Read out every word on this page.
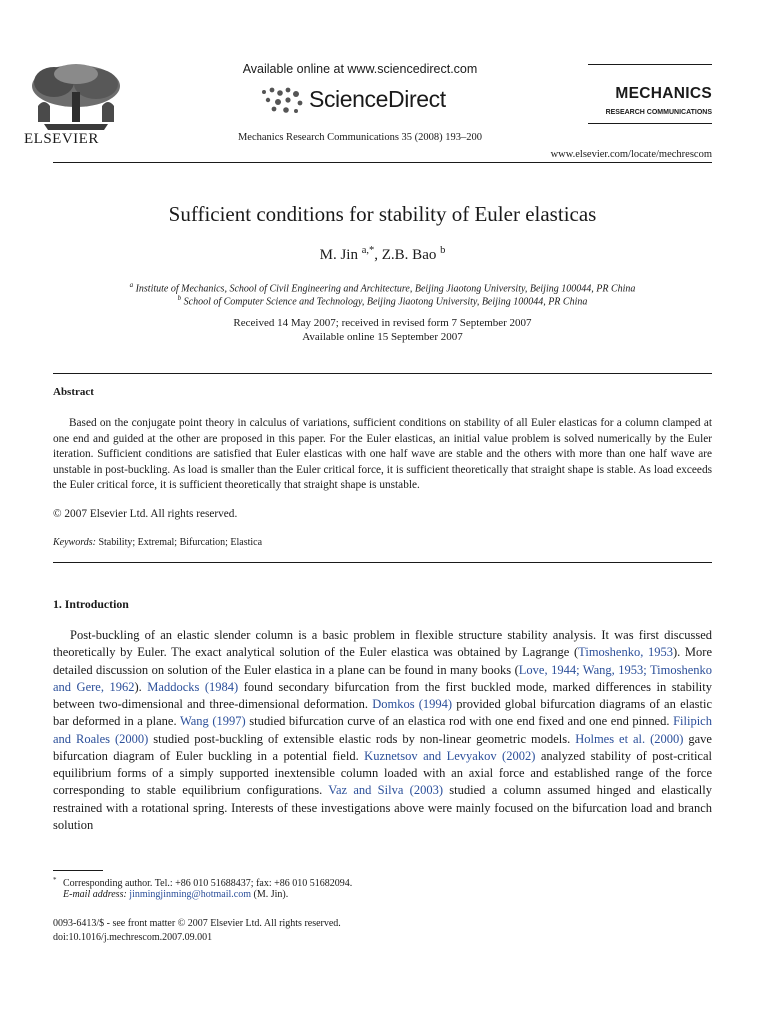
ELSEVIER
Available online at www.sciencedirect.com
ScienceDirect
Mechanics Research Communications 35 (2008) 193–200
MECHANICS
RESEARCH COMMUNICATIONS
www.elsevier.com/locate/mechrescom
Sufficient conditions for stability of Euler elasticas
M. Jin $^{a,*}$, Z.B. Bao $^b$
$^a$ Institute of Mechanics, School of Civil Engineering and Architecture, Beijing Jiaotong University, Beijing 100044, PR China
$^b$ School of Computer Science and Technology, Beijing Jiaotong University, Beijing 100044, PR China
Received 14 May 2007; received in revised form 7 September 2007
Available online 15 September 2007
Abstract

Based on the conjugate point theory in calculus of variations, sufficient conditions on stability of all Euler elasticas for a column clamped at one end and guided at the other are proposed in this paper. For the Euler elasticas, an initial value problem is solved numerically by the Euler iteration. Sufficient conditions are satisfied that Euler elasticas with one half wave are stable and the others with more than one half wave are unstable in post-buckling. As load is smaller than the Euler critical force, it is sufficient theoretically that straight shape is stable. As load exceeds the Euler critical force, it is sufficient theoretically that straight shape is unstable.

© 2007 Elsevier Ltd. All rights reserved.
Keywords: Stability; Extremal; Bifurcation; Elastica
1. Introduction

Post-buckling of an elastic slender column is a basic problem in flexible structure stability analysis. It was first discussed theoretically by Euler. The exact analytical solution of the Euler elastica was obtained by Lagrange (Timoshenko, 1953). More detailed discussion on solution of the Euler elastica in a plane can be found in many books (Love, 1944; Wang, 1953; Timoshenko and Gere, 1962). Maddocks (1984) found secondary bifurcation from the first buckled mode, marked differences in stability between two-dimensional and three-dimensional deformation. Domkos (1994) provided global bifurcation diagrams of an elastic bar deformed in a plane. Wang (1997) studied bifurcation curve of an elastica rod with one end fixed and one end pinned. Filipich and Roales (2000) studied post-buckling of extensible elastic rods by non-linear geometric models. Holmes et al. (2000) gave bifurcation diagram of Euler buckling in a potential field. Kuznetsov and Levyakov (2002) analyzed stability of post-critical equilibrium forms of a simply supported inextensible column loaded with an axial force and established range of the force corresponding to stable equilibrium configurations. Vaz and Silva (2003) studied a column assumed hinged and elastically restrained with a rotational spring. Interests of these investigations above were mainly focused on the bifurcation load and branch solution

* Corresponding author. Tel.: +86 010 51688437; fax: +86 010 51682094.
E-mail address: jinmingjinming@hotmail.com (M. Jin).
0093-6413/$ - see front matter © 2007 Elsevier Ltd. All rights reserved.
doi:10.1016/j.mechrescom.2007.09.001
